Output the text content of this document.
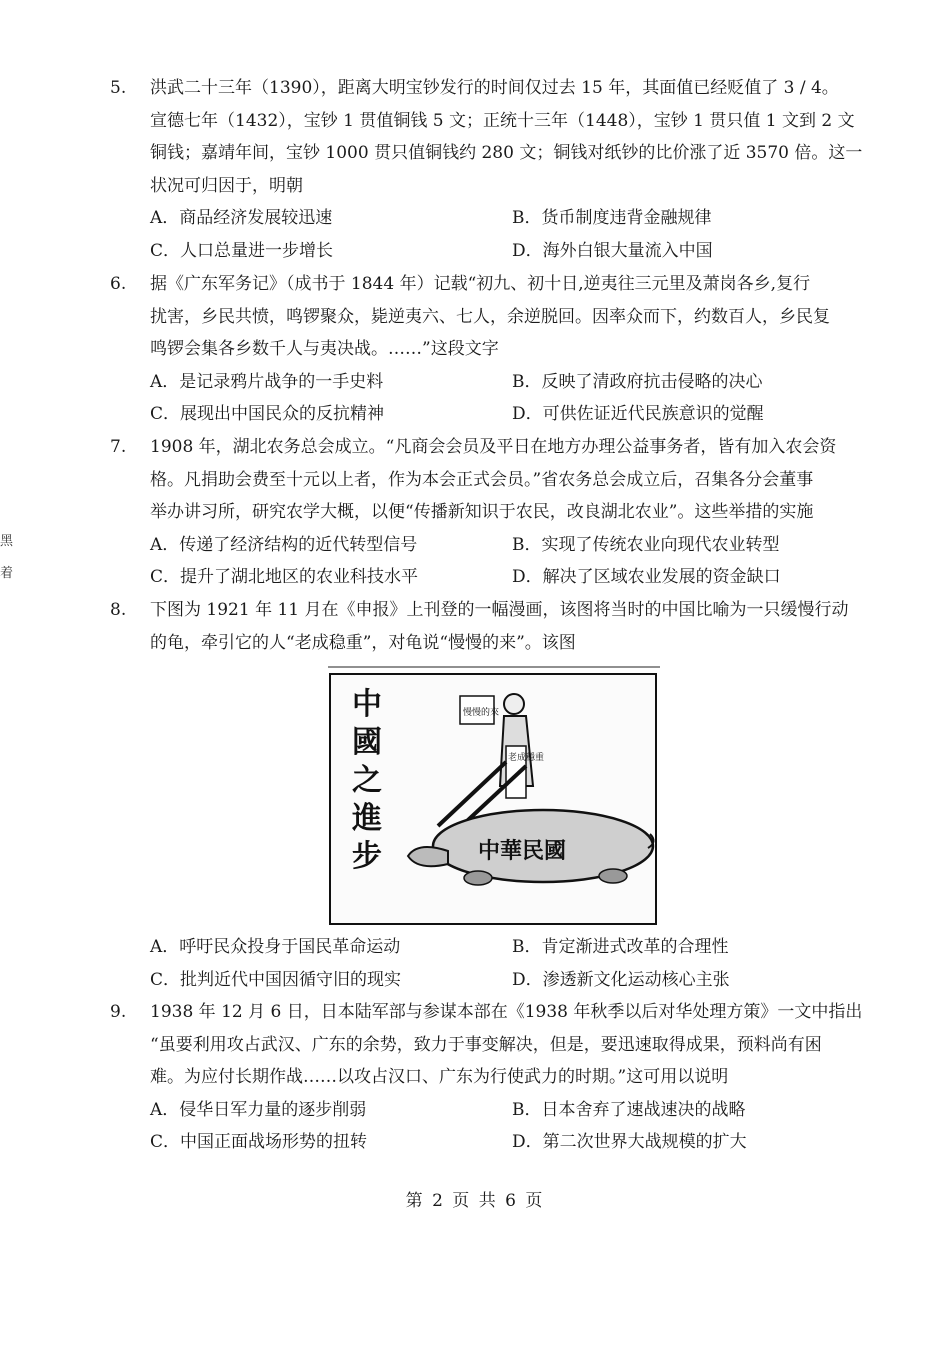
5.	洪武二十三年（1390），距离大明宝钞发行的时间仅过去 15 年，其面值已经贬值了 3 / 4。
宣德七年（1432），宝钞 1 贯值铜钱 5 文；正统十三年（1448），宝钞 1 贯只值 1 文到 2 文
铜钱；嘉靖年间，宝钞 1000 贯只值铜钱约 280 文；铜钱对纸钞的比价涨了近 3570 倍。这一
状况可归因于，明朝
A．商品经济发展较迅速	B．货币制度违背金融规律
C．人口总量进一步增长	D．海外白银大量流入中国
6.	据《广东军务记》（成书于 1844 年）记载“初九、初十日,逆夷往三元里及萧岗各乡,复行
扰害，乡民共愤，鸣锣聚众，毙逆夷六、七人，余逆脱回。因率众而下，约数百人，乡民复
鸣锣会集各乡数千人与夷决战。……”这段文字
A．是记录鸦片战争的一手史料	B．反映了清政府抗击侵略的决心
C．展现出中国民众的反抗精神	D．可供佐证近代民族意识的觉醒
7.	1908 年，湖北农务总会成立。“凡商会会员及平日在地方办理公益事务者，皆有加入农会资
格。凡捐助会费至十元以上者，作为本会正式会员。”省农务总会成立后，召集各分会董事
举办讲习所，研究农学大概，以便“传播新知识于农民，改良湖北农业”。这些举措的实施
A．传递了经济结构的近代转型信号	B．实现了传统农业向现代农业转型
C．提升了湖北地区的农业科技水平	D．解决了区域农业发展的资金缺口
8.	下图为 1921 年 11 月在《申报》上刊登的一幅漫画，该图将当时的中国比喻为一只缓慢行动
的龟，牵引它的人“老成稳重”，对龟说“慢慢的来”。该图
中
國
之
進
步
慢慢的來
老成穩重
中華民國
A．呼吁民众投身于国民革命运动	B．肯定渐进式改革的合理性
C．批判近代中国因循守旧的现实	D．渗透新文化运动核心主张
9.	1938 年 12 月 6 日，日本陆军部与参谋本部在《1938 年秋季以后对华处理方策》一文中指出
“虽要利用攻占武汉、广东的余势，致力于事变解决，但是，要迅速取得成果，预料尚有困
难。为应付长期作战……以攻占汉口、广东为行使武力的时期。”这可用以说明
A．侵华日军力量的逐步削弱	B．日本舍弃了速战速决的战略
C．中国正面战场形势的扭转	D．第二次世界大战规模的扩大
第 2 页 共 6 页
黑
着
